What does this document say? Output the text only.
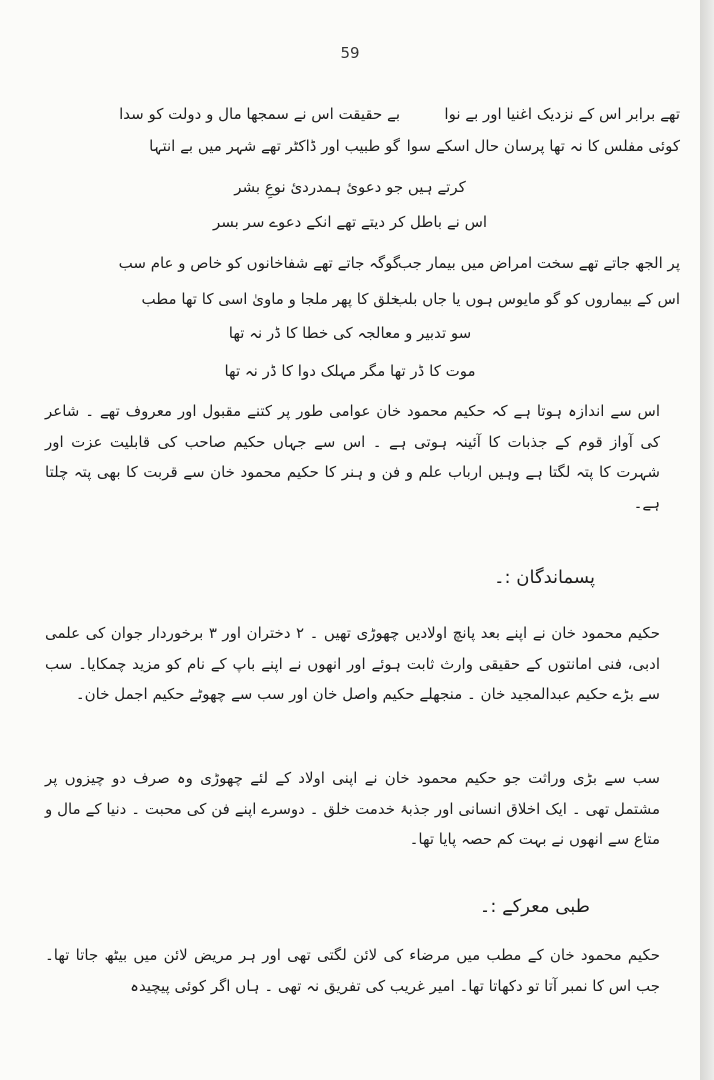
59
بے حقیقت اس نے سمجھا مال و دولت کو سدا	تھے برابر اس کے نزدیک اغنیا اور بے نوا
گو طبیب اور ڈاکٹر تھے شہر میں بے انتہا کوئی مفلس کا نہ تھا پرسان حال اسکے سوا
کرتے ہیں جو دعویٔ ہمدردیٔ نوعِ بشر
اس نے باطل کر دیتے تھے انکے دعوے سر بسر
گوگہ جاتے تھے شفاخانوں کو خاص و عام سب
پر الجھ جاتے تھے سخت امراض میں بیمار جب
خلق کا پھر ملجا و ماویٰ اسی کا تھا مطب
اس کے بیماروں کو گو مایوس ہوں یا جاں بلب
سو تدبیر و معالجہ کی خطا کا ڈر نہ تھا
موت کا ڈر تھا مگر مہلک دوا کا ڈر نہ تھا
اس سے اندازہ ہوتا ہے کہ حکیم محمود خان عوامی طور پر کتنے مقبول اور معروف تھے ۔ شاعر کی آواز قوم کے جذبات کا آئینہ ہوتی ہے ۔ اس سے جہاں حکیم صاحب کی قابلیت عزت اور شہرت کا پتہ لگتا ہے وہیں ارباب علم و فن و ہنر کا حکیم محمود خان سے قربت کا بھی پتہ چلتا ہے۔
پسماندگان :۔
حکیم محمود خان نے اپنے بعد پانچ اولادیں چھوڑی تھیں ۔ ۲ دختران اور ۳ برخوردار جوان کی علمی ادبی، فنی امانتوں کے حقیقی وارث ثابت ہوئے اور انھوں نے اپنے باپ کے نام کو مزید چمکایا۔ سب سے بڑے حکیم عبدالمجید خان ۔ منجھلے حکیم واصل خان اور سب سے چھوٹے حکیم اجمل خان۔
سب سے بڑی وراثت جو حکیم محمود خان نے اپنی اولاد کے لئے چھوڑی وہ صرف دو چیزوں پر مشتمل تھی ۔ ایک اخلاق انسانی اور جذبۂ خدمت خلق ۔ دوسرے اپنے فن کی محبت ۔ دنیا کے مال و متاع سے انھوں نے بہت کم حصہ پایا تھا۔
طبی معرکے :۔
حکیم محمود خان کے مطب میں مرضاء کی لائن لگتی تھی اور ہر مریض لائن میں بیٹھ جاتا تھا۔ جب اس کا نمبر آتا تو دکھاتا تھا۔ امیر غریب کی تفریق نہ تھی ۔ ہاں اگر کوئی پیچیدہ
